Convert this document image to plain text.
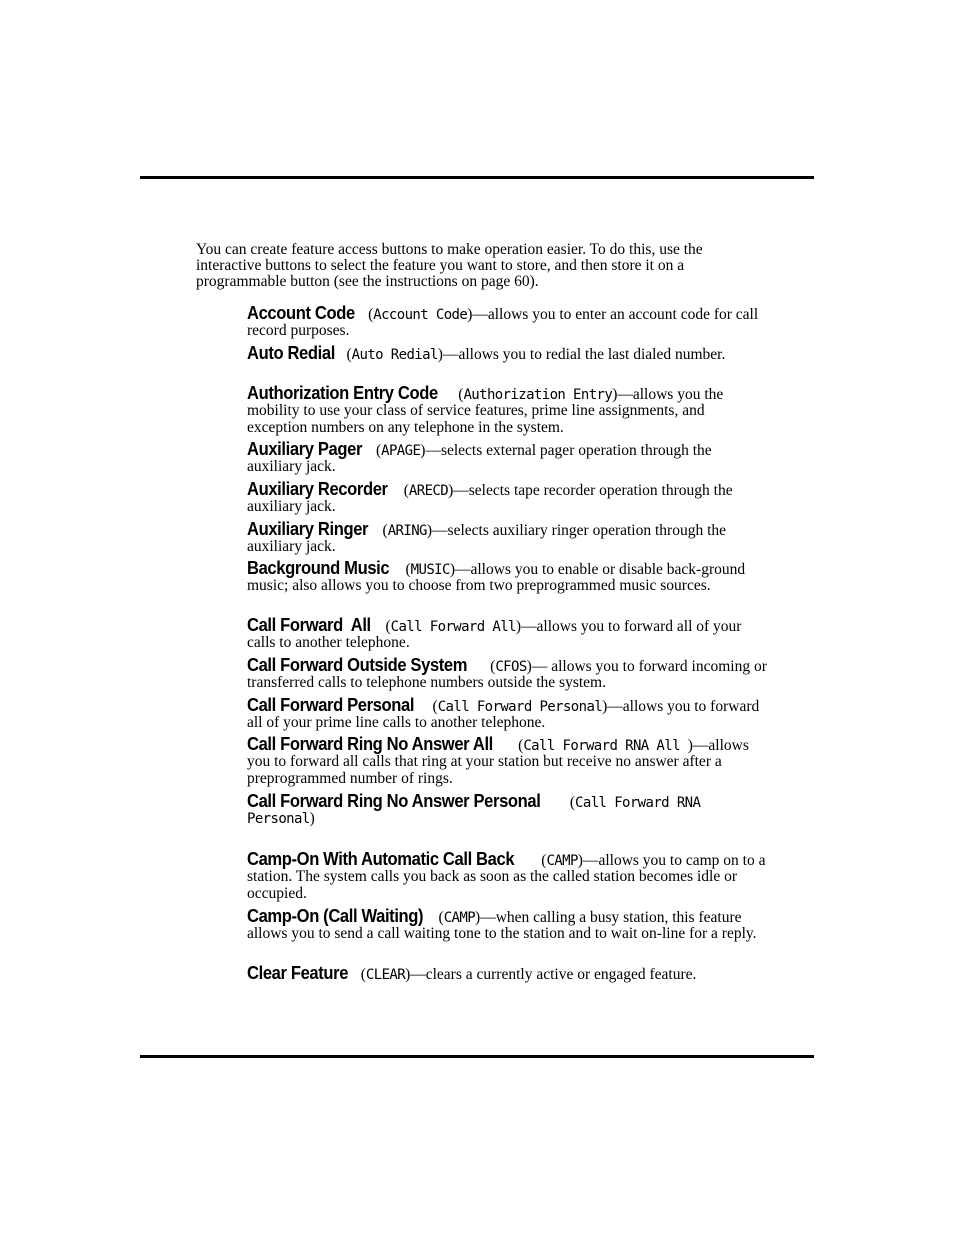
You can create feature access buttons to make operation easier. To do this, use the interactive buttons to select the feature you want to store, and then store it on a programmable button (see the instructions on page 60).
Account Code (Account Code)—allows you to enter an account code for call record purposes.
Auto Redial (Auto Redial)—allows you to redial the last dialed number.
Authorization Entry Code (Authorization Entry)—allows you the mobility to use your class of service features, prime line assignments, and exception numbers on any telephone in the system.
Auxiliary Pager (APAGE)—selects external pager operation through the auxiliary jack.
Auxiliary Recorder (ARECD)—selects tape recorder operation through the auxiliary jack.
Auxiliary Ringer (ARING)—selects auxiliary ringer operation through the auxiliary jack.
Background Music (MUSIC)—allows you to enable or disable back-ground music; also allows you to choose from two preprogrammed music sources.
Call Forward  All (Call Forward All)—allows you to forward all of your calls to another telephone.
Call Forward Outside System (CFOS)— allows you to forward incoming or transferred calls to telephone numbers outside the system.
Call Forward Personal (Call Forward Personal)—allows you to forward all of your prime line calls to another telephone.
Call Forward Ring No Answer All (Call Forward RNA All )—allows you to forward all calls that ring at your station but receive no answer after a preprogrammed number of rings.
Call Forward Ring No Answer Personal (Call Forward RNA Personal)
Camp-On With Automatic Call Back (CAMP)—allows you to camp on to a station. The system calls you back as soon as the called station becomes idle or occupied.
Camp-On (Call Waiting) (CAMP)—when calling a busy station, this feature allows you to send a call waiting tone to the station and to wait on-line for a reply.
Clear Feature (CLEAR)—clears a currently active or engaged feature.
